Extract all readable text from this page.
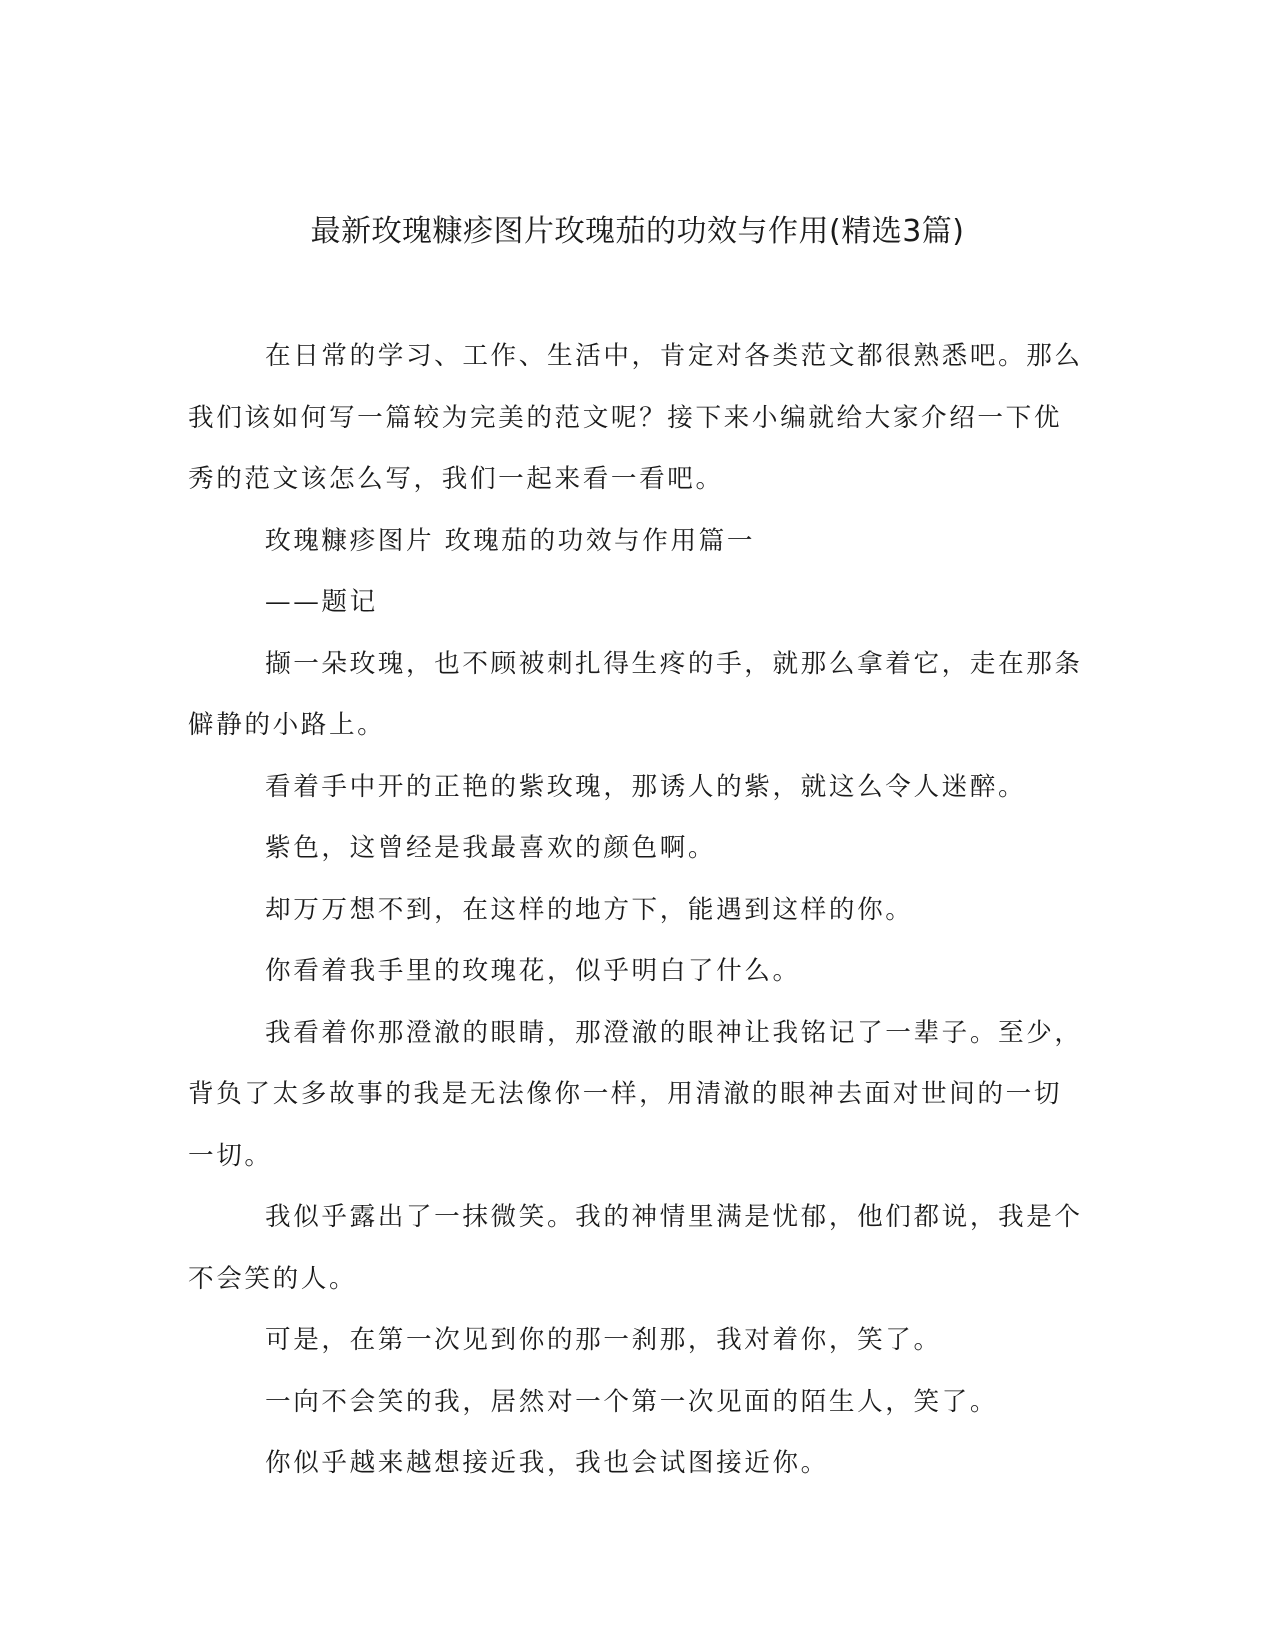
最新玫瑰糠疹图片玫瑰茄的功效与作用(精选3篇)

在日常的学习、工作、生活中，肯定对各类范文都很熟悉吧。那么我们该如何写一篇较为完美的范文呢？接下来小编就给大家介绍一下优秀的范文该怎么写，我们一起来看一看吧。

玫瑰糠疹图片 玫瑰茄的功效与作用篇一

——题记

撷一朵玫瑰，也不顾被刺扎得生疼的手，就那么拿着它，走在那条僻静的小路上。

看着手中开的正艳的紫玫瑰，那诱人的紫，就这么令人迷醉。

紫色，这曾经是我最喜欢的颜色啊。

却万万想不到，在这样的地方下，能遇到这样的你。

你看着我手里的玫瑰花，似乎明白了什么。

我看着你那澄澈的眼睛，那澄澈的眼神让我铭记了一辈子。至少，背负了太多故事的我是无法像你一样，用清澈的眼神去面对世间的一切一切。

我似乎露出了一抹微笑。我的神情里满是忧郁，他们都说，我是个不会笑的人。

可是，在第一次见到你的那一刹那，我对着你，笑了。

一向不会笑的我，居然对一个第一次见面的陌生人，笑了。

你似乎越来越想接近我，我也会试图接近你。
